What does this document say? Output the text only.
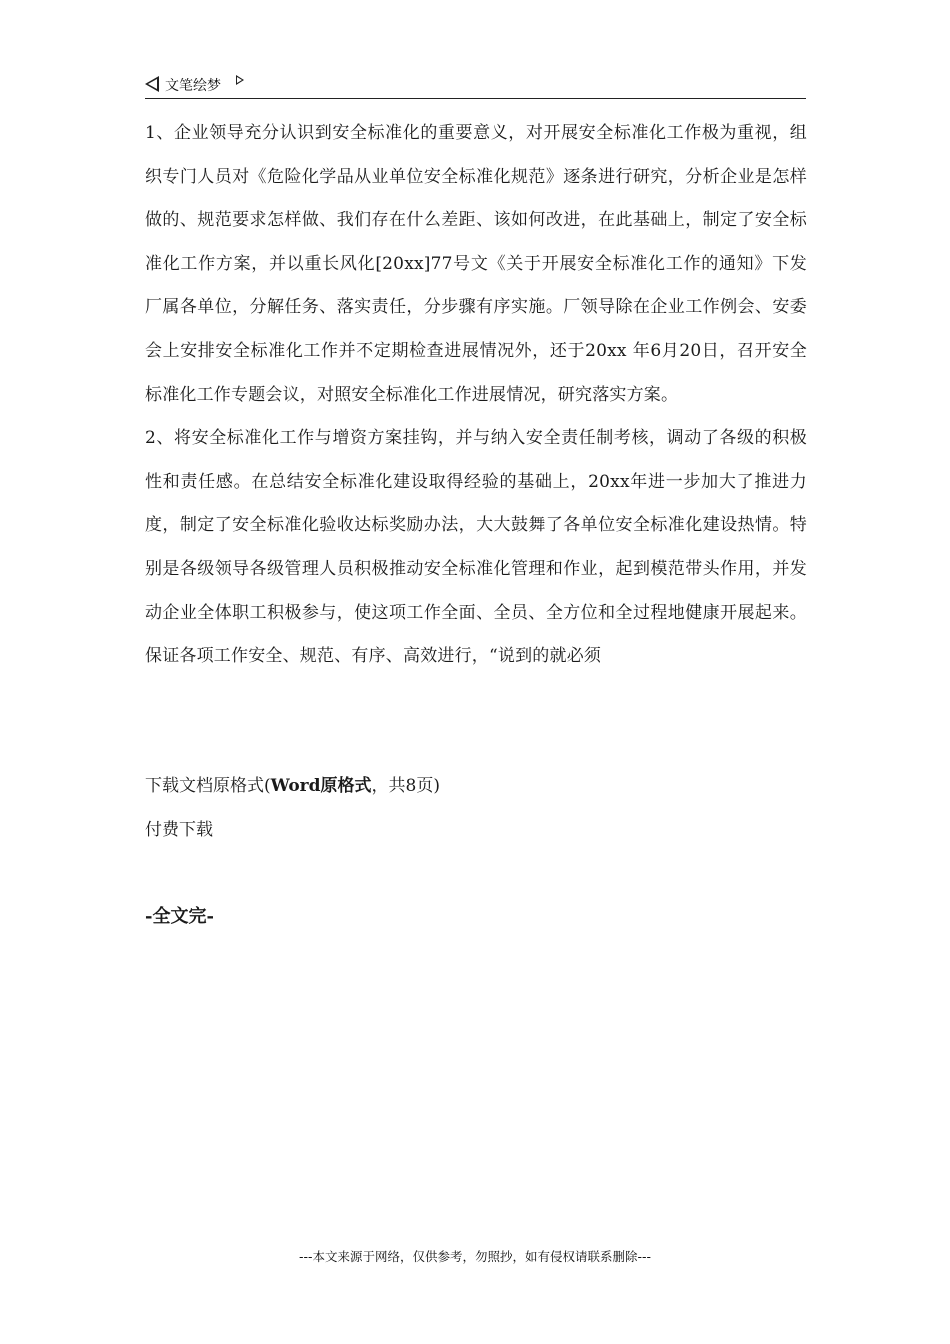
文笔绘梦

1、企业领导充分认识到安全标准化的重要意义，对开展安全标准化工作极为重视，组织专门人员对《危险化学品从业单位安全标准化规范》逐条进行研究，分析企业是怎样做的、规范要求怎样做、我们存在什么差距、该如何改进，在此基础上，制定了安全标准化工作方案，并以重长风化[20xx]77号文《关于开展安全标准化工作的通知》下发厂属各单位，分解任务、落实责任，分步骤有序实施。厂领导除在企业工作例会、安委会上安排安全标准化工作并不定期检查进展情况外，还于20xx 年6月20日，召开安全标准化工作专题会议，对照安全标准化工作进展情况，研究落实方案。

2、将安全标准化工作与增资方案挂钩，并与纳入安全责任制考核，调动了各级的积极性和责任感。在总结安全标准化建设取得经验的基础上，20xx年进一步加大了推进力度，制定了安全标准化验收达标奖励办法，大大鼓舞了各单位安全标准化建设热情。特别是各级领导各级管理人员积极推动安全标准化管理和作业，起到模范带头作用，并发动企业全体职工积极参与，使这项工作全面、全员、全方位和全过程地健康开展起来。保证各项工作安全、规范、有序、高效进行，“说到的就必须

下载文档原格式(Word原格式，共8页)

付费下载

-全文完-

---本文来源于网络，仅供参考，勿照抄，如有侵权请联系删除---
